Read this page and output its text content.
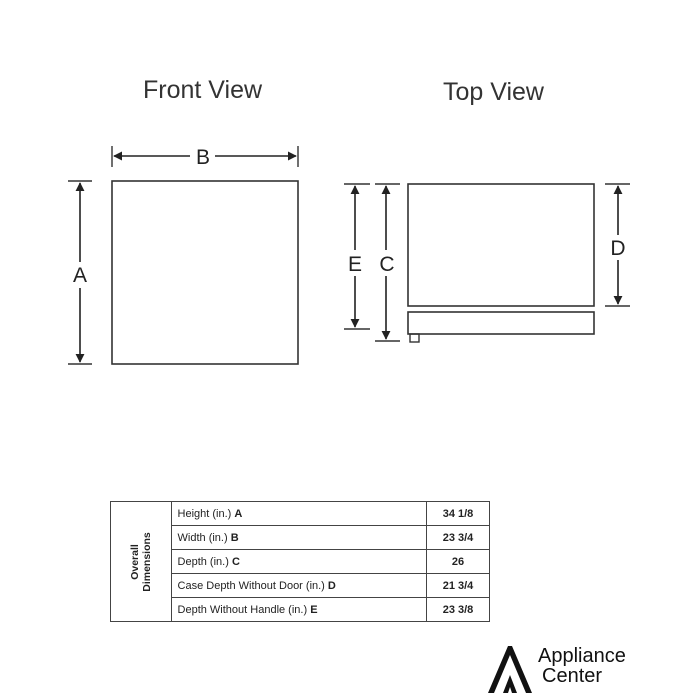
Front View	Top View
B
A
D
E C
Overall
Dimensions	Height (in.) A	34 1/8
	Width (in.) B	23 3/4
	Depth (in.) C	26
	Case Depth Without Door (in.) D	21 3/4
	Depth Without Handle (in.) E	23 3/8
Appliance
Center
